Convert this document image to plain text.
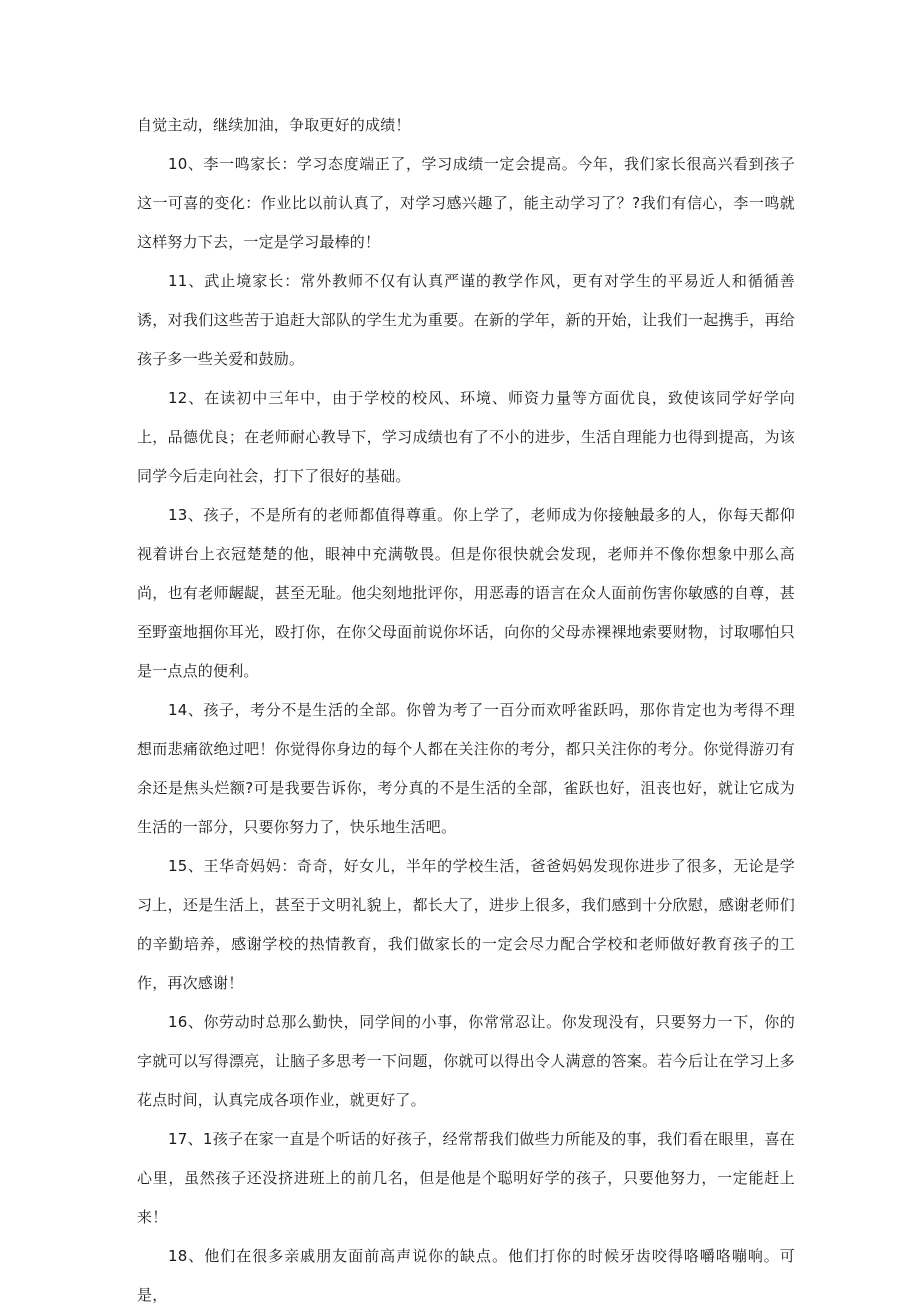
自觉主动，继续加油，争取更好的成绩！

10、李一鸣家长：学习态度端正了，学习成绩一定会提高。今年，我们家长很高兴看到孩子这一可喜的变化：作业比以前认真了，对学习感兴趣了，能主动学习了？?我们有信心，李一鸣就这样努力下去，一定是学习最棒的！

11、武止境家长：常外教师不仅有认真严谨的教学作风，更有对学生的平易近人和循循善诱，对我们这些苦于追赶大部队的学生尤为重要。在新的学年，新的开始，让我们一起携手，再给孩子多一些关爱和鼓励。

12、在读初中三年中，由于学校的校风、环境、师资力量等方面优良，致使该同学好学向上，品德优良；在老师耐心教导下，学习成绩也有了不小的进步，生活自理能力也得到提高，为该同学今后走向社会，打下了很好的基础。

13、孩子，不是所有的老师都值得尊重。你上学了，老师成为你接触最多的人，你每天都仰视着讲台上衣冠楚楚的他，眼神中充满敬畏。但是你很快就会发现，老师并不像你想象中那么高尚，也有老师龌龊，甚至无耻。他尖刻地批评你，用恶毒的语言在众人面前伤害你敏感的自尊，甚至野蛮地掴你耳光，殴打你，在你父母面前说你坏话，向你的父母赤裸裸地索要财物，讨取哪怕只是一点点的便利。

14、孩子，考分不是生活的全部。你曾为考了一百分而欢呼雀跃吗，那你肯定也为考得不理想而悲痛欲绝过吧！你觉得你身边的每个人都在关注你的考分，都只关注你的考分。你觉得游刃有余还是焦头烂额?可是我要告诉你，考分真的不是生活的全部，雀跃也好，沮丧也好，就让它成为生活的一部分，只要你努力了，快乐地生活吧。

15、王华奇妈妈：奇奇，好女儿，半年的学校生活，爸爸妈妈发现你进步了很多，无论是学习上，还是生活上，甚至于文明礼貌上，都长大了，进步上很多，我们感到十分欣慰，感谢老师们的辛勤培养，感谢学校的热情教育，我们做家长的一定会尽力配合学校和老师做好教育孩子的工作，再次感谢！

16、你劳动时总那么勤快，同学间的小事，你常常忍让。你发现没有，只要努力一下，你的字就可以写得漂亮，让脑子多思考一下问题，你就可以得出令人满意的答案。若今后让在学习上多花点时间，认真完成各项作业，就更好了。

17、1孩子在家一直是个听话的好孩子，经常帮我们做些力所能及的事，我们看在眼里，喜在心里，虽然孩子还没挤进班上的前几名，但是他是个聪明好学的孩子，只要他努力，一定能赶上来！

18、他们在很多亲戚朋友面前高声说你的缺点。他们打你的时候牙齿咬得咯嚼咯嘣响。可是，
